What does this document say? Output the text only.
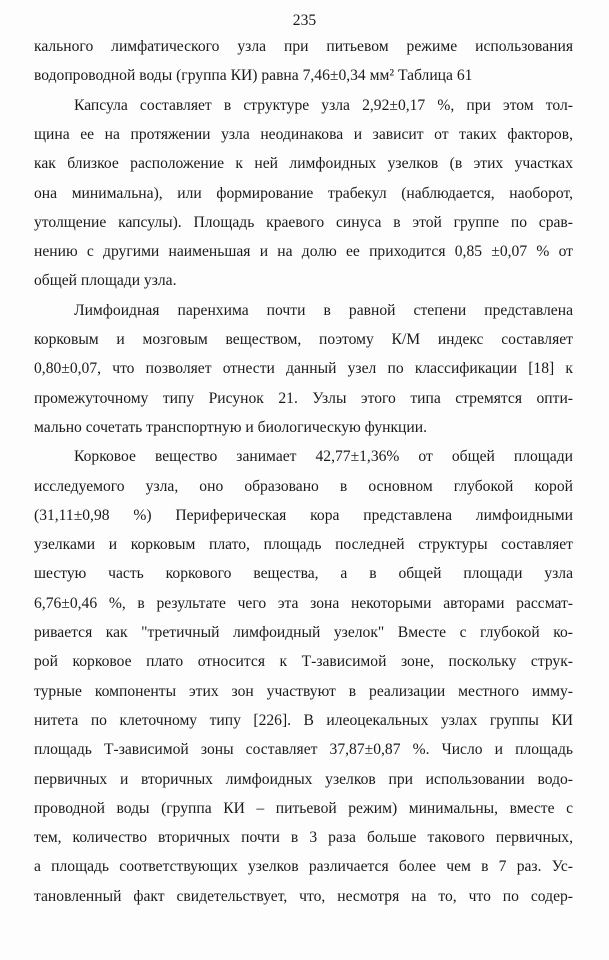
235
кального лимфатического узла при питьевом режиме использования
водопроводной воды (группа КИ) равна 7,46±0,34 мм² Таблица 61
Капсула составляет в структуре узла 2,92±0,17 %, при этом тол-
щина ее на протяжении узла неодинакова и зависит от таких факторов,
как близкое расположение к ней лимфоидных узелков (в этих участках
она минимальна), или формирование трабекул (наблюдается, наоборот,
утолщение капсулы). Площадь краевого синуса в этой группе по срав-
нению с другими наименьшая и на долю ее приходится 0,85 ±0,07 % от
общей площади узла.
Лимфоидная паренхима почти в равной степени представлена
корковым и мозговым веществом, поэтому К/М индекс составляет
0,80±0,07, что позволяет отнести данный узел по классификации [18] к
промежуточному типу Рисунок 21. Узлы этого типа стремятся опти-
мально сочетать транспортную и биологическую функции.
Корковое вещество занимает 42,77±1,36% от общей площади
исследуемого узла, оно образовано в основном глубокой корой
(31,11±0,98 %) Периферическая кора представлена лимфоидными
узелками и корковым плато, площадь последней структуры составляет
шестую часть коркового вещества, а в общей площади узла
6,76±0,46 %, в результате чего эта зона некоторыми авторами рассмат-
ривается как "третичный лимфоидный узелок" Вместе с глубокой ко-
рой корковое плато относится к Т-зависимой зоне, поскольку струк-
турные компоненты этих зон участвуют в реализации местного имму-
нитета по клеточному типу [226]. В илеоцекальных узлах группы КИ
площадь Т-зависимой зоны составляет 37,87±0,87 %. Число и площадь
первичных и вторичных лимфоидных узелков при использовании водо-
проводной воды (группа КИ – питьевой режим) минимальны, вместе с
тем, количество вторичных почти в 3 раза больше такового первичных,
а площадь соответствующих узелков различается более чем в 7 раз. Ус-
тановленный факт свидетельствует, что, несмотря на то, что по содер-
